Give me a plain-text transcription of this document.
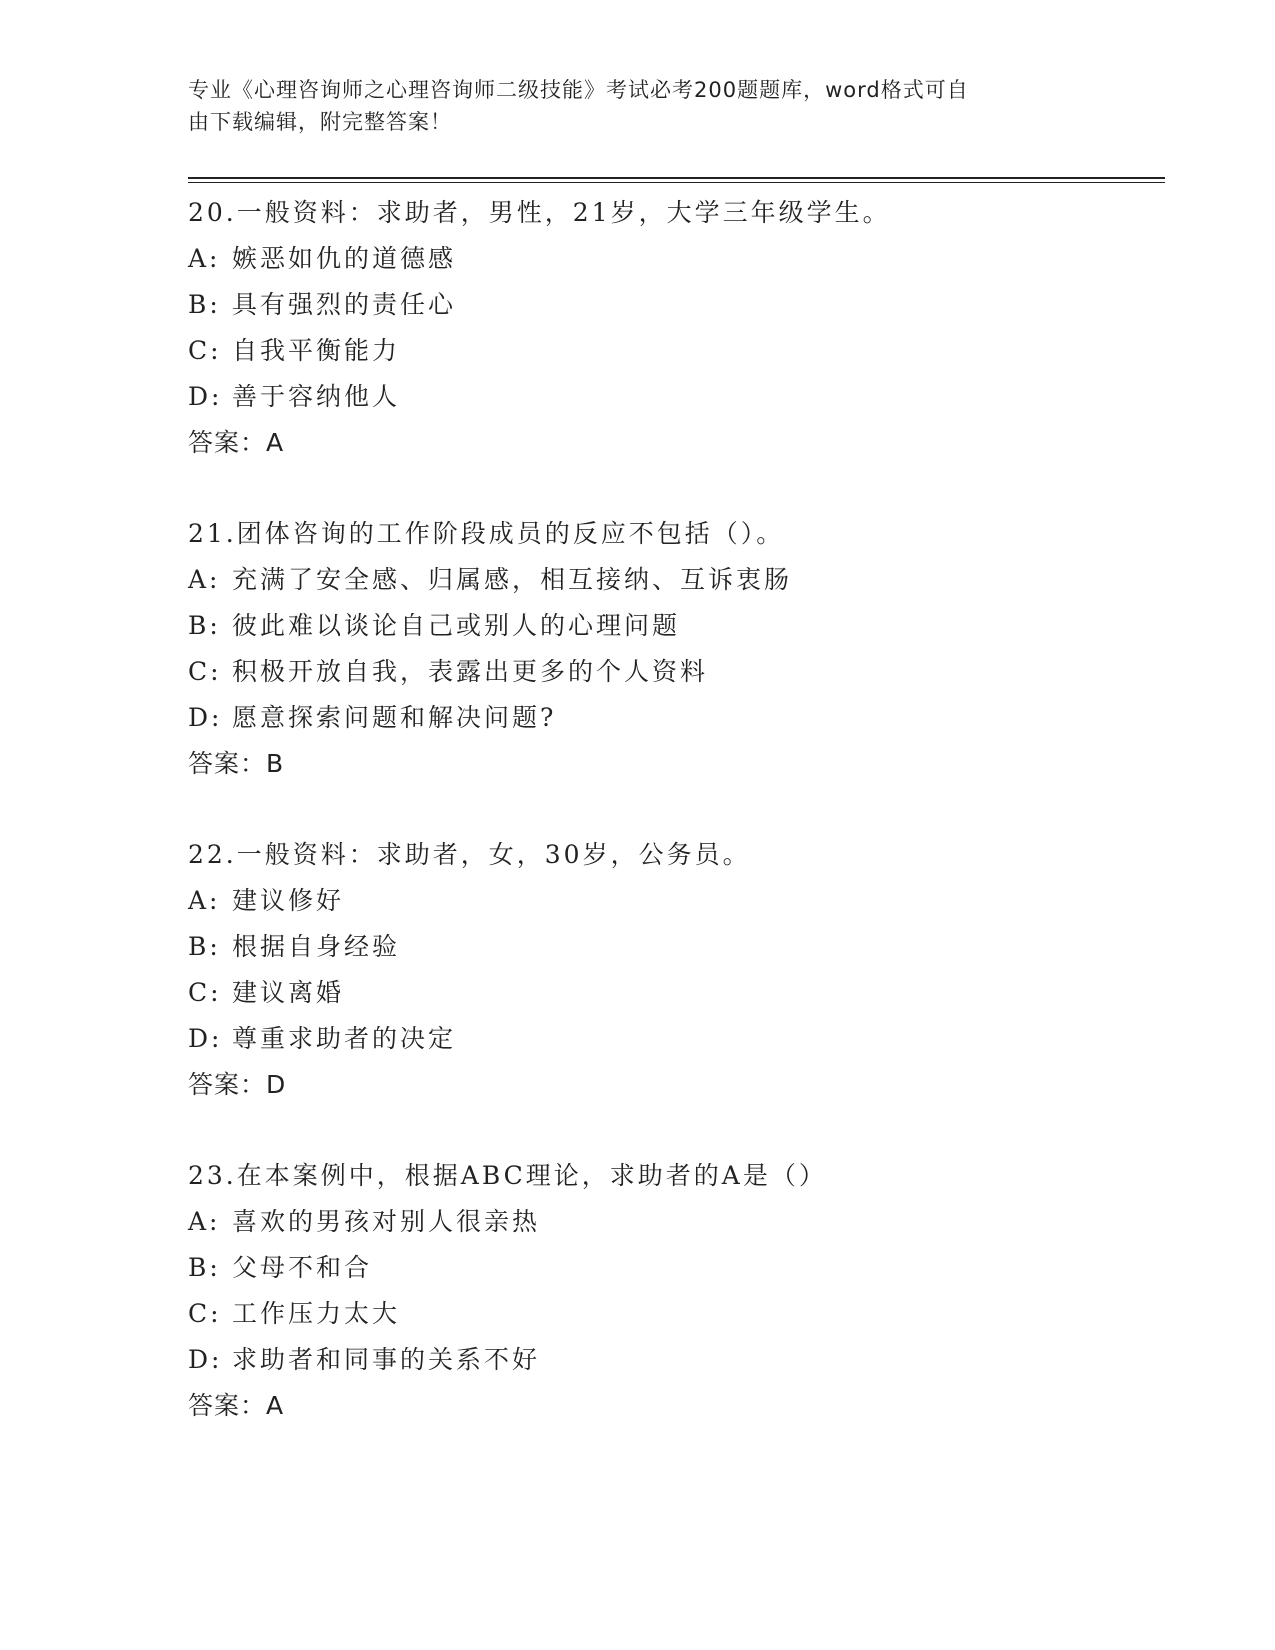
专业《心理咨询师之心理咨询师二级技能》考试必考200题题库，word格式可自
由下载编辑，附完整答案！
20.一般资料：求助者，男性，21岁，大学三年级学生。
A: 嫉恶如仇的道德感
B: 具有强烈的责任心
C: 自我平衡能力
D: 善于容纳他人
答案：A
21.团体咨询的工作阶段成员的反应不包括（）。
A: 充满了安全感、归属感，相互接纳、互诉衷肠
B: 彼此难以谈论自己或别人的心理问题
C: 积极开放自我，表露出更多的个人资料
D: 愿意探索问题和解决问题?
答案：B
22.一般资料：求助者，女，30岁，公务员。
A: 建议修好
B: 根据自身经验
C: 建议离婚
D: 尊重求助者的决定
答案：D
23.在本案例中，根据ABC理论，求助者的A是（）
A: 喜欢的男孩对别人很亲热
B: 父母不和合
C: 工作压力太大
D: 求助者和同事的关系不好
答案：A
